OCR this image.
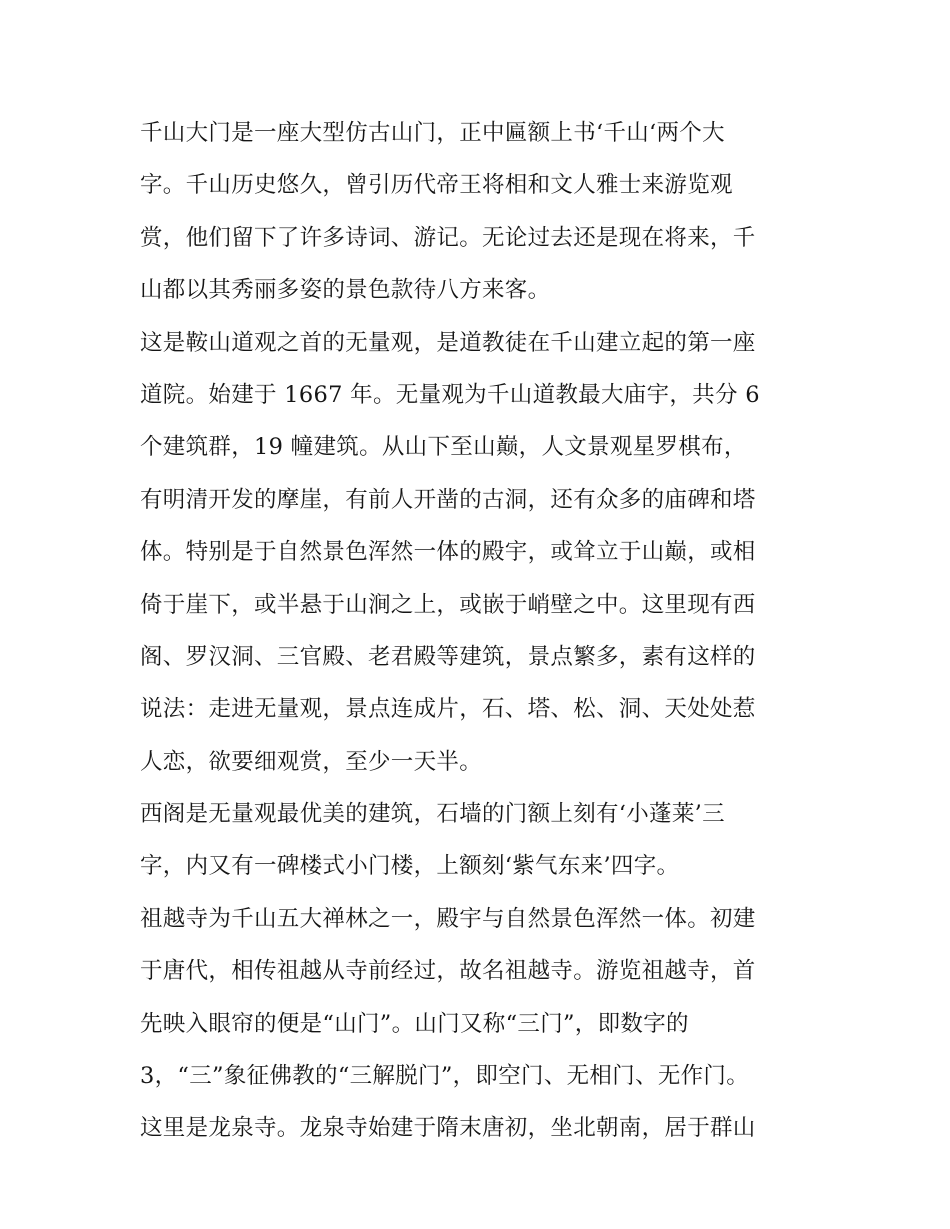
千山大门是一座大型仿古山门，正中匾额上书‘千山‘两个大
字。千山历史悠久，曾引历代帝王将相和文人雅士来游览观
赏，他们留下了许多诗词、游记。无论过去还是现在将来，千
山都以其秀丽多姿的景色款待八方来客。
这是鞍山道观之首的无量观，是道教徒在千山建立起的第一座
道院。始建于 1667 年。无量观为千山道教最大庙宇，共分 6
个建筑群，19 幢建筑。从山下至山巅，人文景观星罗棋布，
有明清开发的摩崖，有前人开凿的古洞，还有众多的庙碑和塔
体。特别是于自然景色浑然一体的殿宇，或耸立于山巅，或相
倚于崖下，或半悬于山涧之上，或嵌于峭壁之中。这里现有西
阁、罗汉洞、三官殿、老君殿等建筑，景点繁多，素有这样的
说法：走进无量观，景点连成片，石、塔、松、洞、天处处惹
人恋，欲要细观赏，至少一天半。
西阁是无量观最优美的建筑，石墙的门额上刻有‘小蓬莱’三
字，内又有一碑楼式小门楼，上额刻‘紫气东来’四字。
祖越寺为千山五大禅林之一，殿宇与自然景色浑然一体。初建
于唐代，相传祖越从寺前经过，故名祖越寺。游览祖越寺，首
先映入眼帘的便是“山门”。山门又称“三门”，即数字的
3，“三”象征佛教的“三解脱门”，即空门、无相门、无作门。
这里是龙泉寺。龙泉寺始建于隋末唐初，坐北朝南，居于群山
